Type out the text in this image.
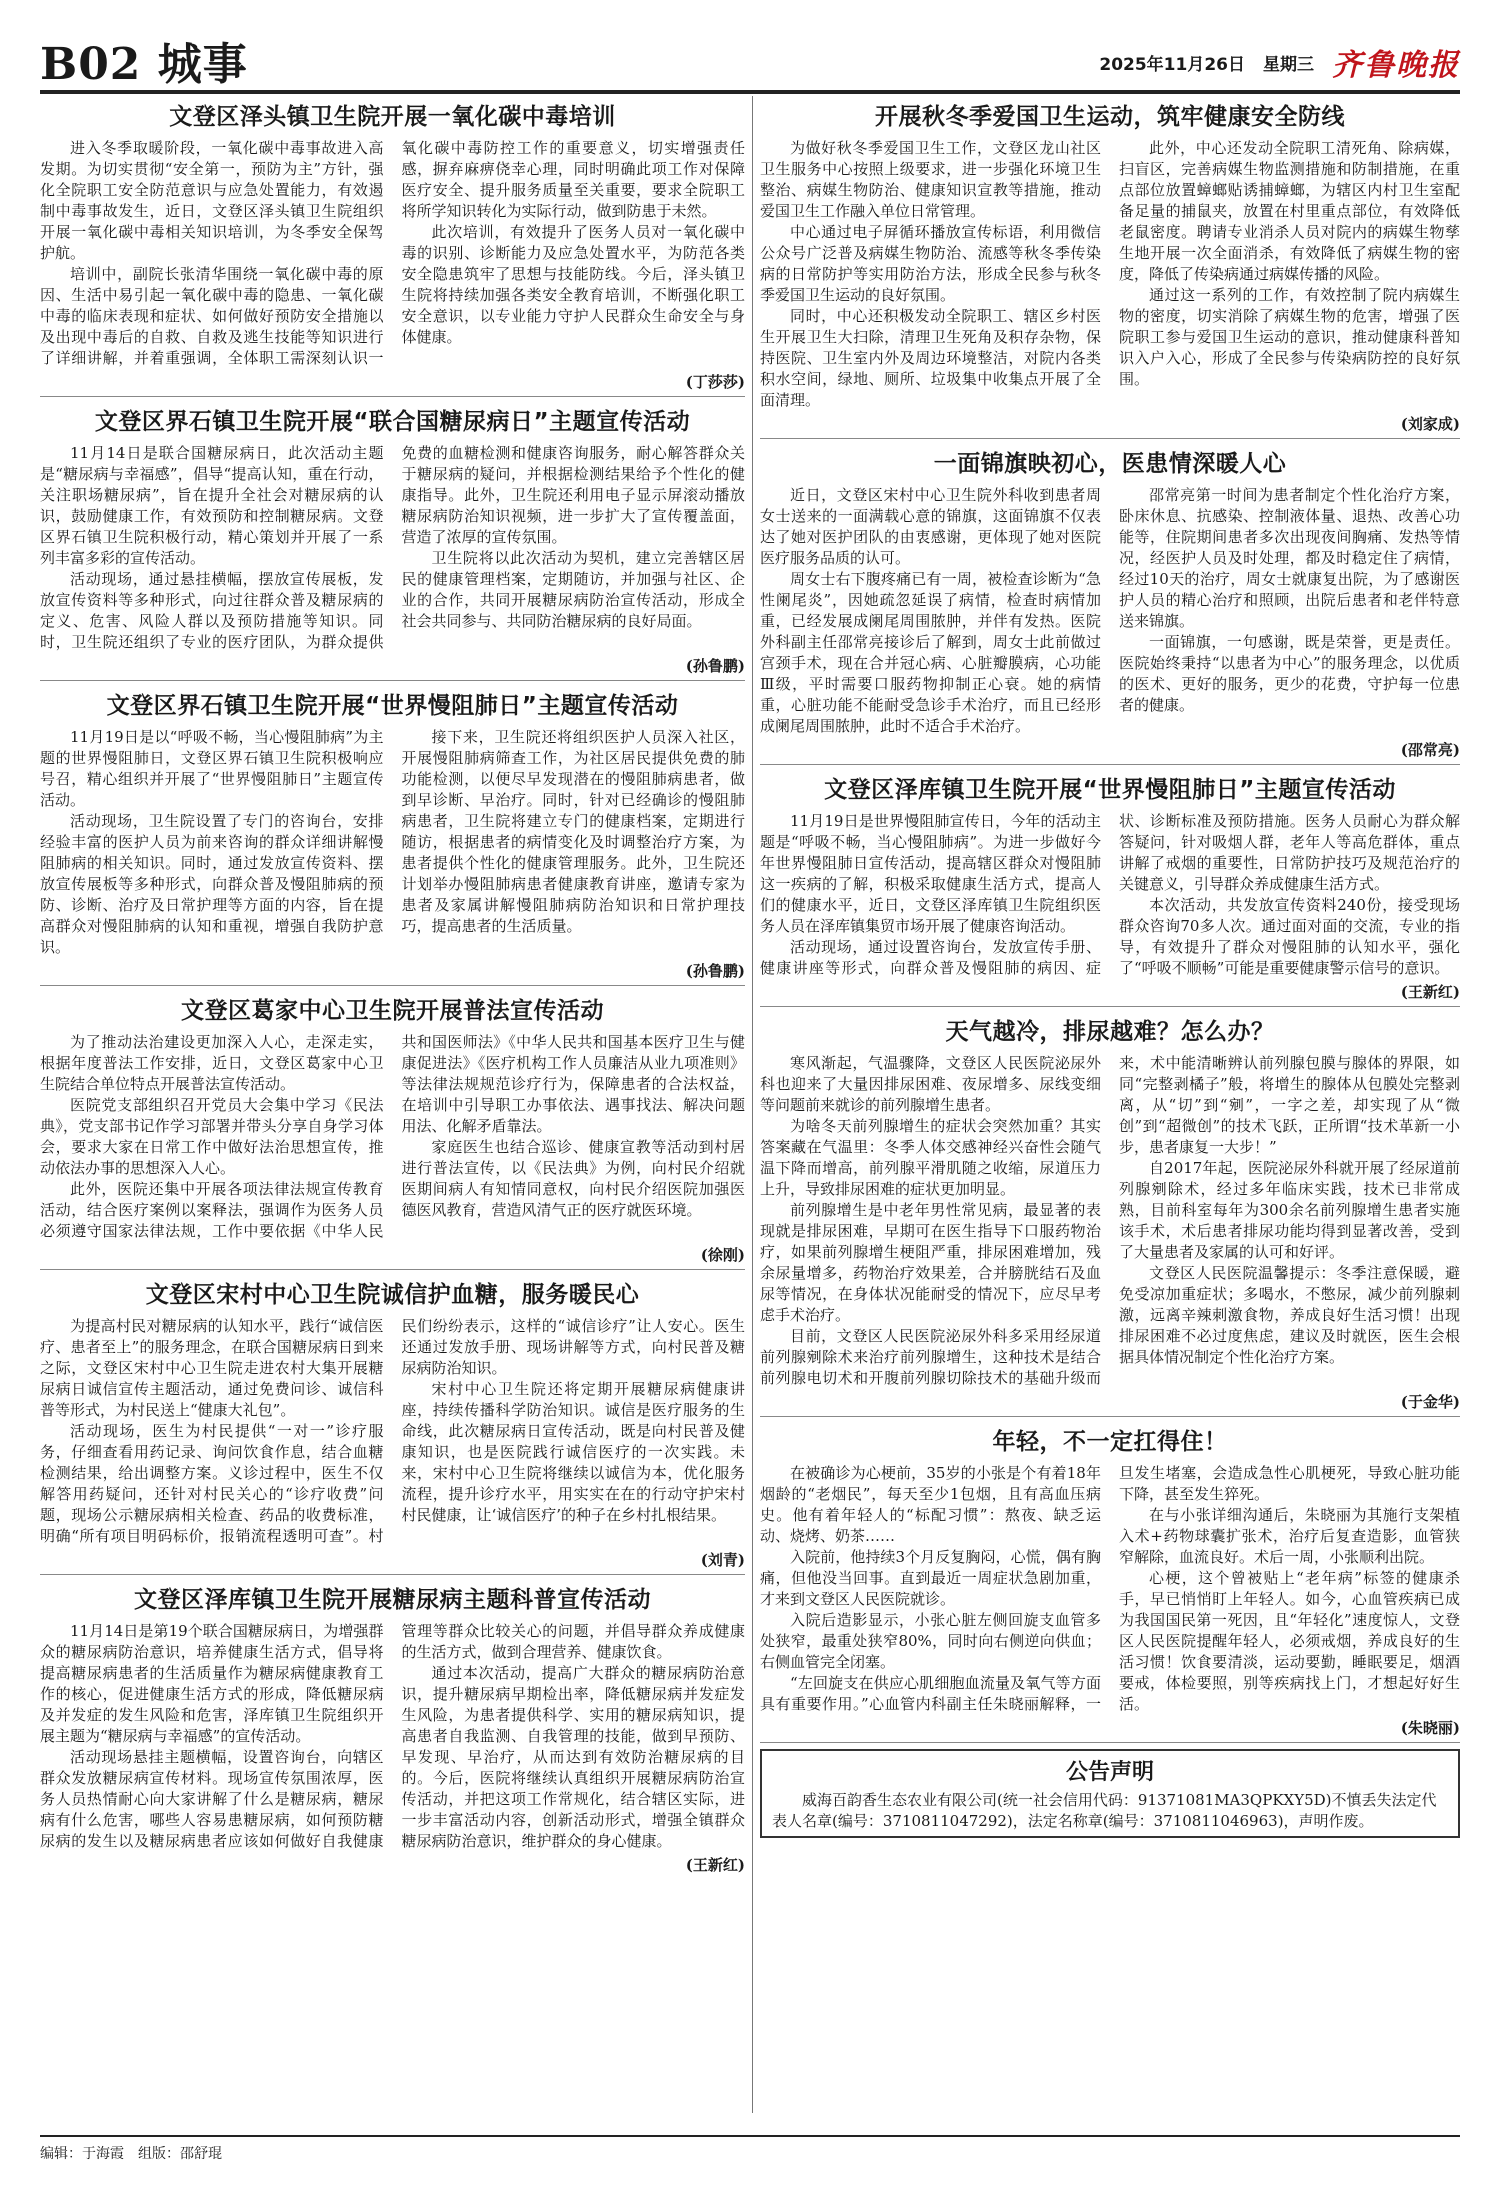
B02 城事	2025年11月26日 星期三 齐鲁晚报
文登区泽头镇卫生院开展一氧化碳中毒培训

进入冬季取暖阶段，一氧化碳中毒事故进入高发期。为切实贯彻“安全第一，预防为主”方针，强化全院职工安全防范意识与应急处置能力，有效遏制中毒事故发生，近日，文登区泽头镇卫生院组织开展一氧化碳中毒相关知识培训，为冬季安全保驾护航。

培训中，副院长张清华围绕一氧化碳中毒的原因、生活中易引起一氧化碳中毒的隐患、一氧化碳中毒的临床表现和症状、如何做好预防安全措施以及出现中毒后的自救、自救及逃生技能等知识进行了详细讲解，并着重强调，全体职工需深刻认识一氧化碳中毒防控工作的重要意义，切实增强责任感，摒弃麻痹侥幸心理，同时明确此项工作对保障医疗安全、提升服务质量至关重要，要求全院职工将所学知识转化为实际行动，做到防患于未然。

此次培训，有效提升了医务人员对一氧化碳中毒的识别、诊断能力及应急处置水平，为防范各类安全隐患筑牢了思想与技能防线。今后，泽头镇卫生院将持续加强各类安全教育培训，不断强化职工安全意识，以专业能力守护人民群众生命安全与身体健康。

(丁莎莎)
文登区界石镇卫生院开展“联合国糖尿病日”主题宣传活动

11月14日是联合国糖尿病日，此次活动主题是“糖尿病与幸福感”，倡导“提高认知，重在行动，关注职场糖尿病”，旨在提升全社会对糖尿病的认识，鼓励健康工作，有效预防和控制糖尿病。文登区界石镇卫生院积极行动，精心策划并开展了一系列丰富多彩的宣传活动。

活动现场，通过悬挂横幅，摆放宣传展板，发放宣传资料等多种形式，向过往群众普及糖尿病的定义、危害、风险人群以及预防措施等知识。同时，卫生院还组织了专业的医疗团队，为群众提供免费的血糖检测和健康咨询服务，耐心解答群众关于糖尿病的疑问，并根据检测结果给予个性化的健康指导。此外，卫生院还利用电子显示屏滚动播放糖尿病防治知识视频，进一步扩大了宣传覆盖面，营造了浓厚的宣传氛围。

卫生院将以此次活动为契机，建立完善辖区居民的健康管理档案，定期随访，并加强与社区、企业的合作，共同开展糖尿病防治宣传活动，形成全社会共同参与、共同防治糖尿病的良好局面。

(孙鲁鹏)
文登区界石镇卫生院开展“世界慢阻肺日”主题宣传活动

11月19日是以“呼吸不畅，当心慢阻肺病”为主题的世界慢阻肺日，文登区界石镇卫生院积极响应号召，精心组织并开展了“世界慢阻肺日”主题宣传活动。

活动现场，卫生院设置了专门的咨询台，安排经验丰富的医护人员为前来咨询的群众详细讲解慢阻肺病的相关知识。同时，通过发放宣传资料、摆放宣传展板等多种形式，向群众普及慢阻肺病的预防、诊断、治疗及日常护理等方面的内容，旨在提高群众对慢阻肺病的认知和重视，增强自我防护意识。

接下来，卫生院还将组织医护人员深入社区，开展慢阻肺病筛查工作，为社区居民提供免费的肺功能检测，以便尽早发现潜在的慢阻肺病患者，做到早诊断、早治疗。同时，针对已经确诊的慢阻肺病患者，卫生院将建立专门的健康档案，定期进行随访，根据患者的病情变化及时调整治疗方案，为患者提供个性化的健康管理服务。此外，卫生院还计划举办慢阻肺病患者健康教育讲座，邀请专家为患者及家属讲解慢阻肺病防治知识和日常护理技巧，提高患者的生活质量。

(孙鲁鹏)
文登区葛家中心卫生院开展普法宣传活动

为了推动法治建设更加深入人心，走深走实，根据年度普法工作安排，近日，文登区葛家中心卫生院结合单位特点开展普法宣传活动。

医院党支部组织召开党员大会集中学习《民法典》，党支部书记作学习部署并带头分享自身学习体会，要求大家在日常工作中做好法治思想宣传，推动依法办事的思想深入人心。

此外，医院还集中开展各项法律法规宣传教育活动，结合医疗案例以案释法，强调作为医务人员必须遵守国家法律法规，工作中要依据《中华人民共和国医师法》《中华人民共和国基本医疗卫生与健康促进法》《医疗机构工作人员廉洁从业九项准则》等法律法规规范诊疗行为，保障患者的合法权益，在培训中引导职工办事依法、遇事找法、解决问题用法、化解矛盾靠法。

家庭医生也结合巡诊、健康宣教等活动到村居进行普法宣传，以《民法典》为例，向村民介绍就医期间病人有知情同意权，向村民介绍医院加强医德医风教育，营造风清气正的医疗就医环境。

(徐刚)
文登区宋村中心卫生院诚信护血糖，服务暖民心

为提高村民对糖尿病的认知水平，践行“诚信医疗、患者至上”的服务理念，在联合国糖尿病日到来之际，文登区宋村中心卫生院走进农村大集开展糖尿病日诚信宣传主题活动，通过免费问诊、诚信科普等形式，为村民送上“健康大礼包”。

活动现场，医生为村民提供“一对一”诊疗服务，仔细查看用药记录、询问饮食作息，结合血糖检测结果，给出调整方案。义诊过程中，医生不仅解答用药疑问，还针对村民关心的“诊疗收费”问题，现场公示糖尿病相关检查、药品的收费标准，明确“所有项目明码标价，报销流程透明可查”。村民们纷纷表示，这样的“诚信诊疗”让人安心。医生还通过发放手册、现场讲解等方式，向村民普及糖尿病防治知识。

宋村中心卫生院还将定期开展糖尿病健康讲座，持续传播科学防治知识。诚信是医疗服务的生命线，此次糖尿病日宣传活动，既是向村民普及健康知识，也是医院践行诚信医疗的一次实践。未来，宋村中心卫生院将继续以诚信为本，优化服务流程，提升诊疗水平，用实实在在的行动守护宋村村民健康，让‘诚信医疗’的种子在乡村扎根结果。

(刘青)
文登区泽库镇卫生院开展糖尿病主题科普宣传活动

11月14日是第19个联合国糖尿病日，为增强群众的糖尿病防治意识，培养健康生活方式，倡导将提高糖尿病患者的生活质量作为糖尿病健康教育工作的核心，促进健康生活方式的形成，降低糖尿病及并发症的发生风险和危害，泽库镇卫生院组织开展主题为“糖尿病与幸福感”的宣传活动。

活动现场悬挂主题横幅，设置咨询台，向辖区群众发放糖尿病宣传材料。现场宣传氛围浓厚，医务人员热情耐心向大家讲解了什么是糖尿病，糖尿病有什么危害，哪些人容易患糖尿病，如何预防糖尿病的发生以及糖尿病患者应该如何做好自我健康管理等群众比较关心的问题，并倡导群众养成健康的生活方式，做到合理营养、健康饮食。

通过本次活动，提高广大群众的糖尿病防治意识，提升糖尿病早期检出率，降低糖尿病并发症发生风险，为患者提供科学、实用的糖尿病知识，提高患者自我监测、自我管理的技能，做到早预防、早发现、早治疗，从而达到有效防治糖尿病的目的。今后，医院将继续认真组织开展糖尿病防治宣传活动，并把这项工作常规化，结合辖区实际，进一步丰富活动内容，创新活动形式，增强全镇群众糖尿病防治意识，维护群众的身心健康。

(王新红)
开展秋冬季爱国卫生运动，筑牢健康安全防线

为做好秋冬季爱国卫生工作，文登区龙山社区卫生服务中心按照上级要求，进一步强化环境卫生整治、病媒生物防治、健康知识宣教等措施，推动爱国卫生工作融入单位日常管理。

中心通过电子屏循环播放宣传标语，利用微信公众号广泛普及病媒生物防治、流感等秋冬季传染病的日常防护等实用防治方法，形成全民参与秋冬季爱国卫生运动的良好氛围。

同时，中心还积极发动全院职工、辖区乡村医生开展卫生大扫除，清理卫生死角及积存杂物，保持医院、卫生室内外及周边环境整洁，对院内各类积水空间，绿地、厕所、垃圾集中收集点开展了全面清理。

此外，中心还发动全院职工清死角、除病媒，扫盲区，完善病媒生物监测措施和防制措施，在重点部位放置蟑螂贴诱捕蟑螂，为辖区内村卫生室配备足量的捕鼠夹，放置在村里重点部位，有效降低老鼠密度。聘请专业消杀人员对院内的病媒生物孳生地开展一次全面消杀，有效降低了病媒生物的密度，降低了传染病通过病媒传播的风险。

通过这一系列的工作，有效控制了院内病媒生物的密度，切实消除了病媒生物的危害，增强了医院职工参与爱国卫生运动的意识，推动健康科普知识入户入心，形成了全民参与传染病防控的良好氛围。

(刘家成)
一面锦旗映初心，医患情深暖人心

近日，文登区宋村中心卫生院外科收到患者周女士送来的一面满载心意的锦旗，这面锦旗不仅表达了她对医护团队的由衷感谢，更体现了她对医院医疗服务品质的认可。

周女士右下腹疼痛已有一周，被检查诊断为“急性阑尾炎”，因她疏忽延误了病情，检查时病情加重，已经发展成阑尾周围脓肿，并伴有发热。医院外科副主任邵常亮接诊后了解到，周女士此前做过宫颈手术，现在合并冠心病、心脏瓣膜病，心功能Ⅲ级，平时需要口服药物抑制正心衰。她的病情重，心脏功能不能耐受急诊手术治疗，而且已经形成阑尾周围脓肿，此时不适合手术治疗。

邵常亮第一时间为患者制定个性化治疗方案，卧床休息、抗感染、控制液体量、退热、改善心功能等，住院期间患者多次出现夜间胸痛、发热等情况，经医护人员及时处理，都及时稳定住了病情，经过10天的治疗，周女士就康复出院，为了感谢医护人员的精心治疗和照顾，出院后患者和老伴特意送来锦旗。

一面锦旗，一句感谢，既是荣誉，更是责任。医院始终秉持“以患者为中心”的服务理念，以优质的医术、更好的服务，更少的花费，守护每一位患者的健康。

(邵常亮)
文登区泽库镇卫生院开展“世界慢阻肺日”主题宣传活动

11月19日是世界慢阻肺宣传日，今年的活动主题是“呼吸不畅，当心慢阻肺病”。为进一步做好今年世界慢阻肺日宣传活动，提高辖区群众对慢阻肺这一疾病的了解，积极采取健康生活方式，提高人们的健康水平，近日，文登区泽库镇卫生院组织医务人员在泽库镇集贸市场开展了健康咨询活动。

活动现场，通过设置咨询台，发放宣传手册、健康讲座等形式，向群众普及慢阻肺的病因、症状、诊断标准及预防措施。医务人员耐心为群众解答疑问，针对吸烟人群，老年人等高危群体，重点讲解了戒烟的重要性，日常防护技巧及规范治疗的关键意义，引导群众养成健康生活方式。

本次活动，共发放宣传资料240份，接受现场群众咨询70多人次。通过面对面的交流，专业的指导，有效提升了群众对慢阻肺的认知水平，强化了“呼吸不顺畅”可能是重要健康警示信号的意识。

(王新红)
天气越冷，排尿越难？怎么办？

寒风渐起，气温骤降，文登区人民医院泌尿外科也迎来了大量因排尿困难、夜尿增多、尿线变细等问题前来就诊的前列腺增生患者。

为啥冬天前列腺增生的症状会突然加重？其实答案藏在气温里：冬季人体交感神经兴奋性会随气温下降而增高，前列腺平滑肌随之收缩，尿道压力上升，导致排尿困难的症状更加明显。

前列腺增生是中老年男性常见病，最显著的表现就是排尿困难，早期可在医生指导下口服药物治疗，如果前列腺增生梗阻严重，排尿困难增加，残余尿量增多，药物治疗效果差，合并膀胱结石及血尿等情况，在身体状况能耐受的情况下，应尽早考虑手术治疗。

目前，文登区人民医院泌尿外科多采用经尿道前列腺剜除术来治疗前列腺增生，这种技术是结合前列腺电切术和开腹前列腺切除技术的基础升级而来，术中能清晰辨认前列腺包膜与腺体的界限，如同“完整剥橘子”般，将增生的腺体从包膜处完整剥离，从“切”到“剜”，一字之差，却实现了从“微创”到“超微创”的技术飞跃，正所谓“技术革新一小步，患者康复一大步！”

自2017年起，医院泌尿外科就开展了经尿道前列腺剜除术，经过多年临床实践，技术已非常成熟，目前科室每年为300余名前列腺增生患者实施该手术，术后患者排尿功能均得到显著改善，受到了大量患者及家属的认可和好评。

文登区人民医院温馨提示：冬季注意保暖，避免受凉加重症状；多喝水，不憋尿，减少前列腺刺激，远离辛辣刺激食物，养成良好生活习惯！出现排尿困难不必过度焦虑，建议及时就医，医生会根据具体情况制定个性化治疗方案。

(于金华)
年轻，不一定扛得住！

在被确诊为心梗前，35岁的小张是个有着18年烟龄的“老烟民”，每天至少1包烟，且有高血压病史。他有着年轻人的“标配习惯”：熬夜、缺乏运动、烧烤、奶茶……

入院前，他持续3个月反复胸闷，心慌，偶有胸痛，但他没当回事。直到最近一周症状急剧加重，才来到文登区人民医院就诊。

入院后造影显示，小张心脏左侧回旋支血管多处狭窄，最重处狭窄80%，同时向右侧逆向供血；右侧血管完全闭塞。

“左回旋支在供应心肌细胞血流量及氧气等方面具有重要作用。”心血管内科副主任朱晓丽解释，一旦发生堵塞，会造成急性心肌梗死，导致心脏功能下降，甚至发生猝死。

在与小张详细沟通后，朱晓丽为其施行支架植入术+药物球囊扩张术，治疗后复查造影，血管狭窄解除，血流良好。术后一周，小张顺利出院。

心梗，这个曾被贴上“老年病”标签的健康杀手，早已悄悄盯上年轻人。如今，心血管疾病已成为我国国民第一死因，且“年轻化”速度惊人，文登区人民医院提醒年轻人，必须戒烟，养成良好的生活习惯！饮食要清淡，运动要勤，睡眠要足，烟酒要戒，体检要照，别等疾病找上门，才想起好好生活。

(朱晓丽)
公告声明
威海百韵香生态农业有限公司(统一社会信用代码：91371081MA3QPKXY5D)不慎丢失法定代表人名章(编号：3710811047292)，法定名称章(编号：3710811046963)，声明作废。
编辑：于海霞　组版：邵舒琨
